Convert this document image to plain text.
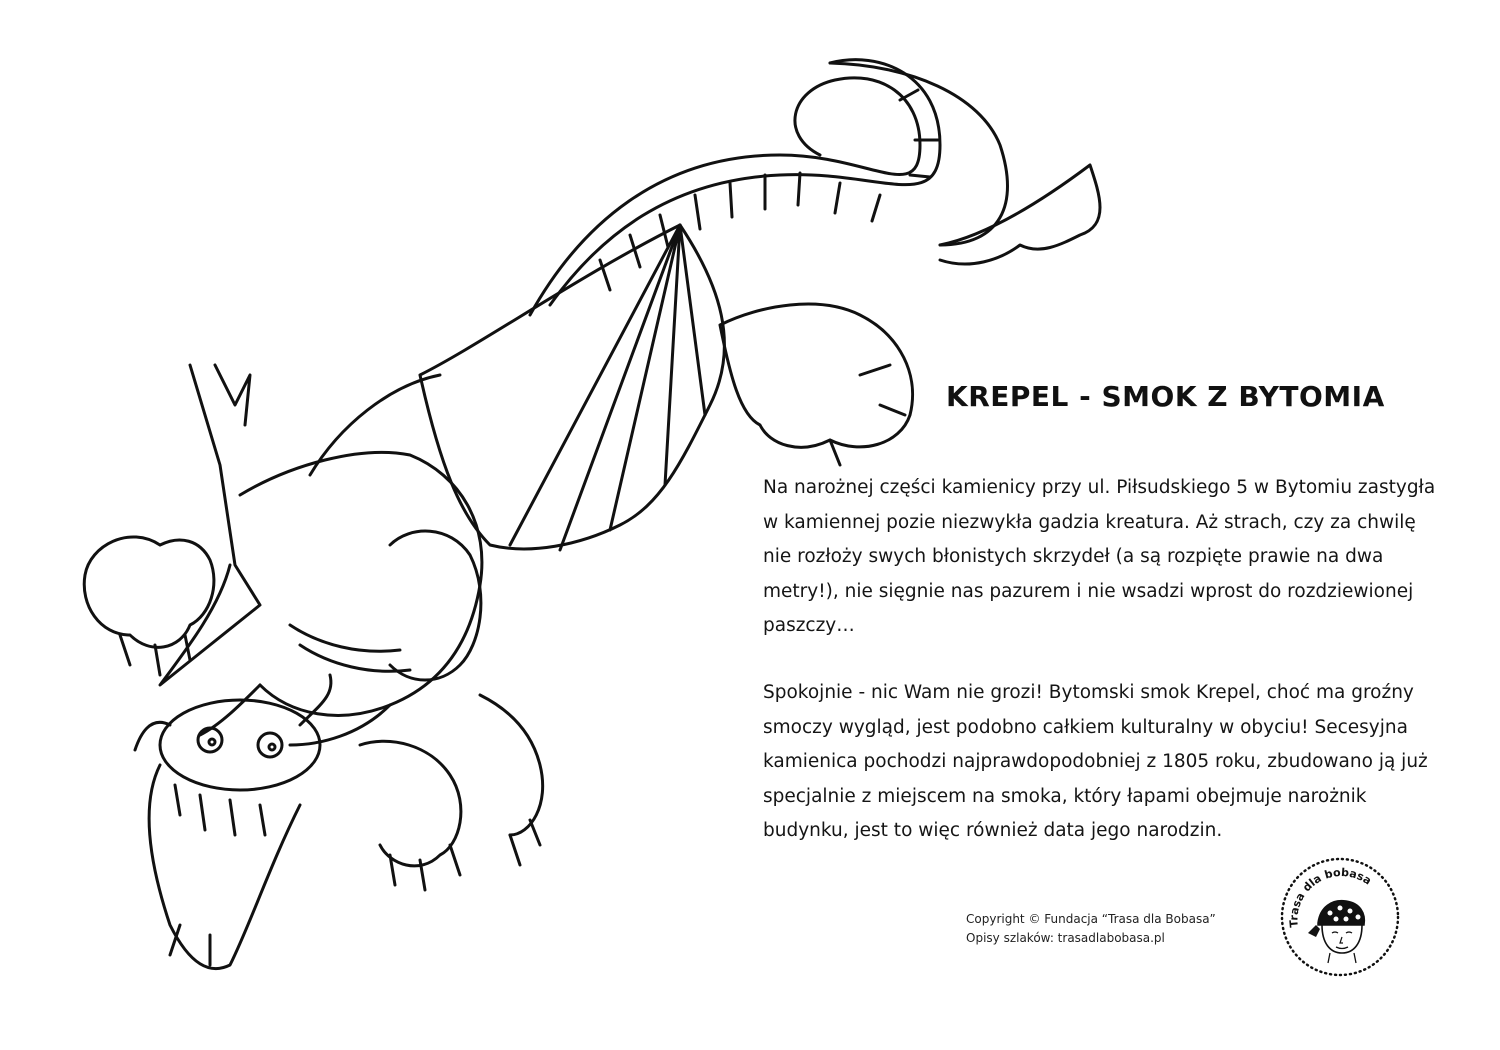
KREPEL - SMOK Z BYTOMIA

Na narożnej części kamienicy przy ul. Piłsudskiego 5 w Bytomiu zastygła w kamiennej pozie niezwykła gadzia kreatura. Aż strach, czy za chwilę nie rozłoży swych błonistych skrzydeł (a są rozpięte prawie na dwa metry!), nie sięgnie nas pazurem i nie wsadzi wprost do rozdziewionej paszczy…

Spokojnie - nic Wam nie grozi! Bytomski smok Krepel, choć ma groźny smoczy wygląd, jest podobno całkiem kulturalny w obyciu! Secesyjna kamienica pochodzi najprawdopodobniej z 1805 roku, zbudowano ją już specjalnie z miejscem na smoka, który łapami obejmuje narożnik budynku, jest to więc również data jego narodzin.

Copyright © Fundacja “Trasa dla Bobasa”
Opisy szlaków: trasadlabobasa.pl
Trasa dla bobasa
